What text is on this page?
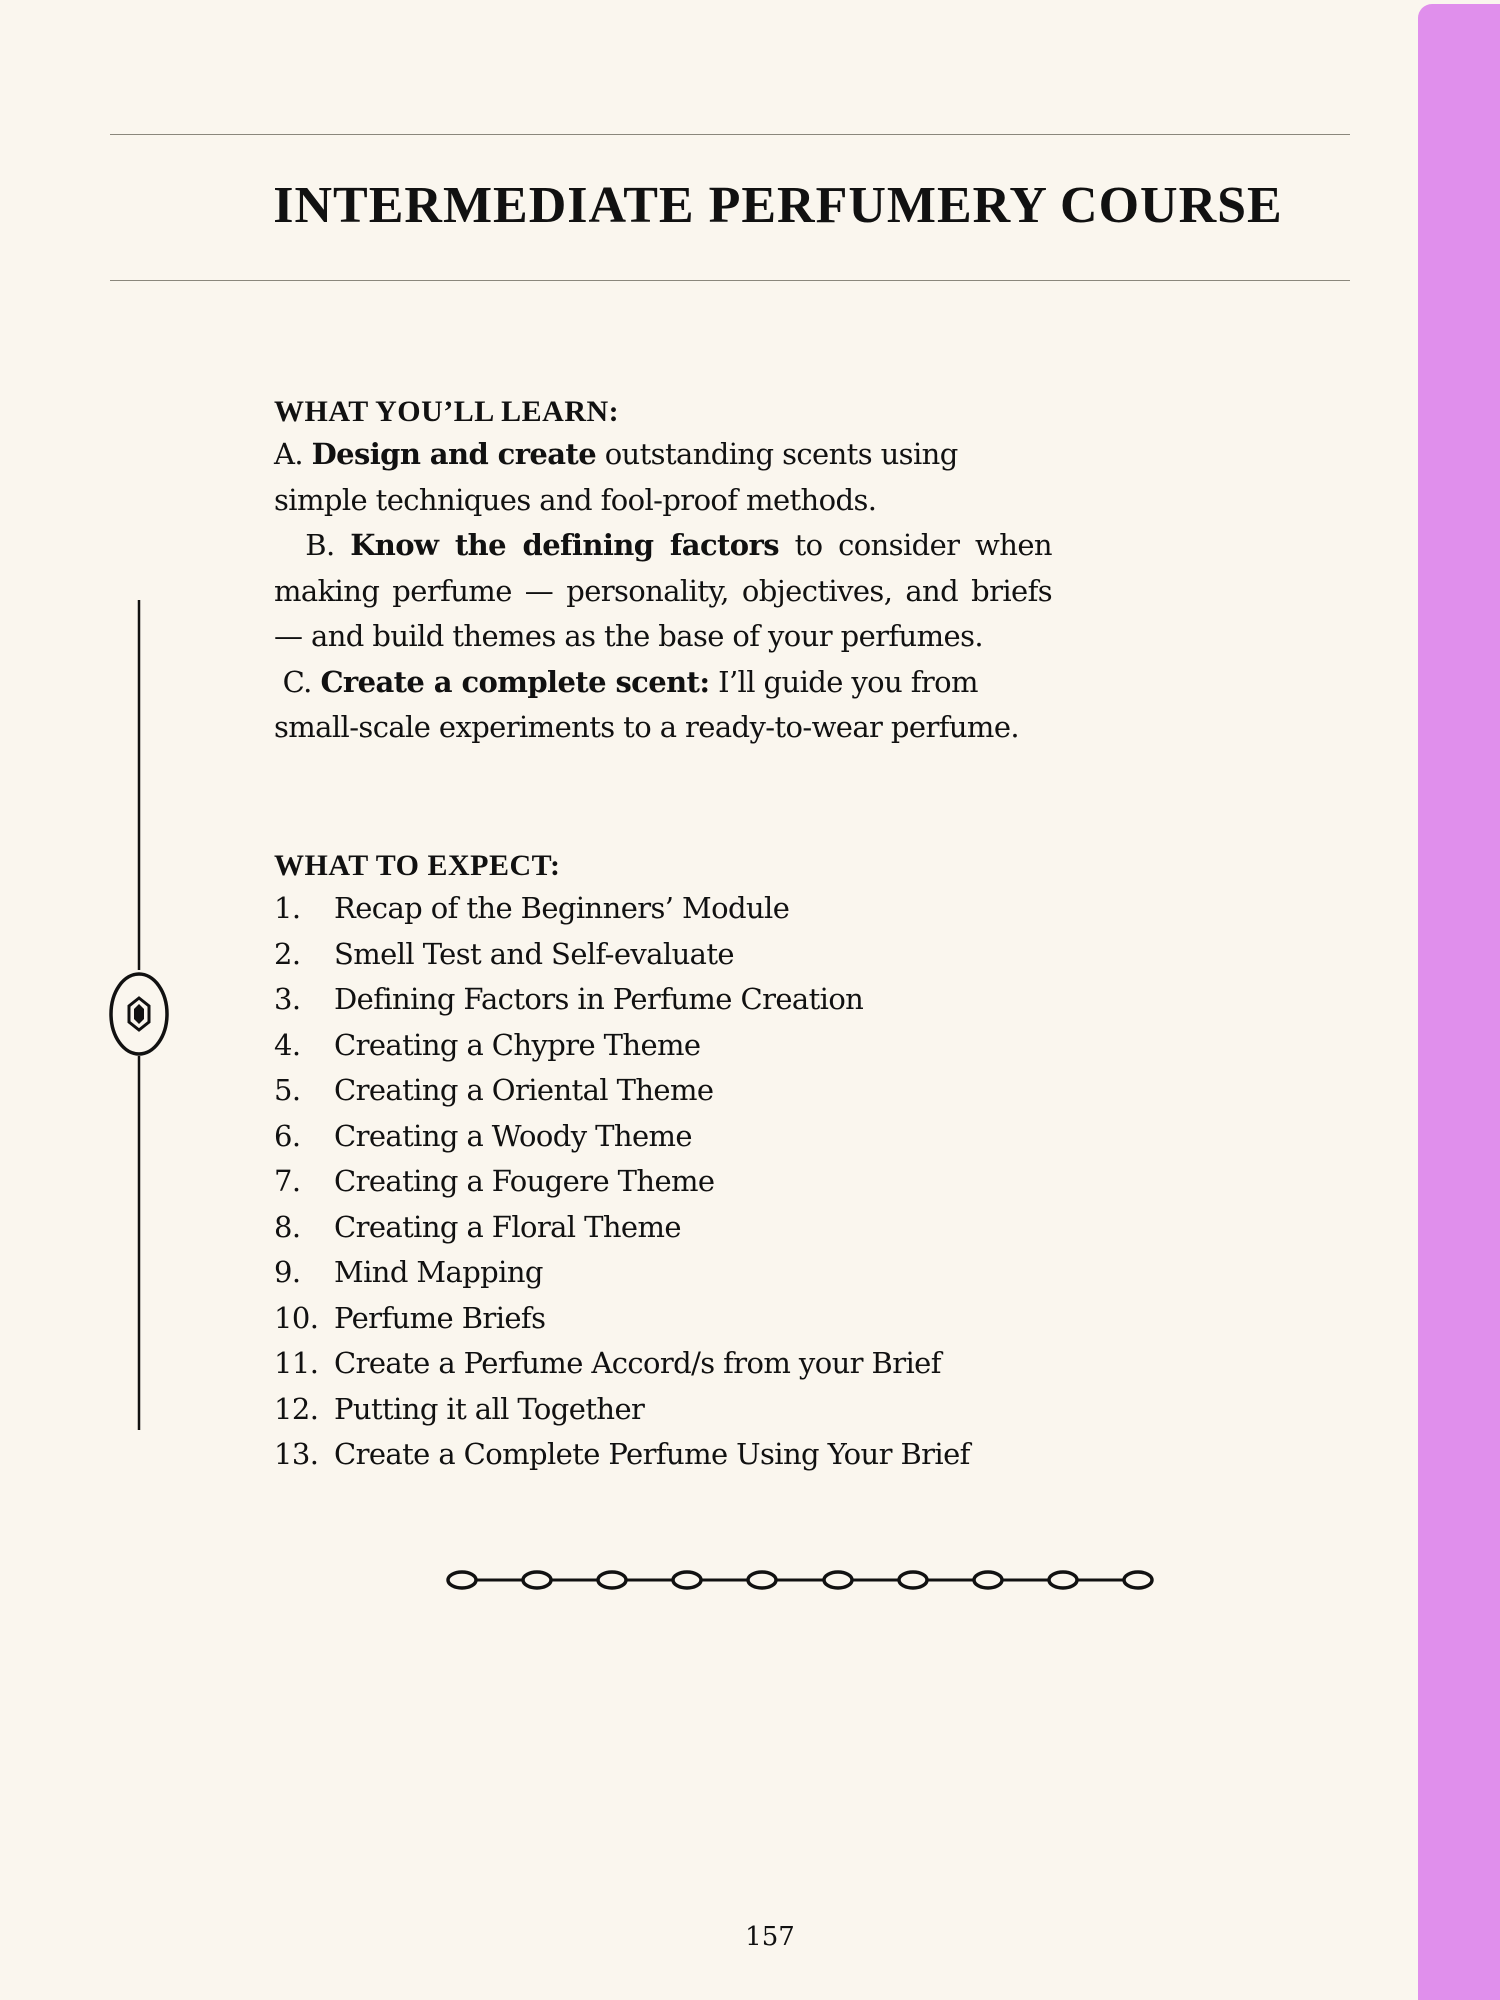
INTERMEDIATE PERFUMERY COURSE
WHAT YOU’LL LEARN:

A. Design and create outstanding scents using simple techniques and fool-proof methods.

B. Know the defining factors to consider when making perfume — personality, objectives, and briefs — and build themes as the base of your perfumes.

C. Create a complete scent: I’ll guide you from small-scale experiments to a ready-to-wear perfume.

WHAT TO EXPECT:
1.	Recap of the Beginners’ Module
2.	Smell Test and Self-evaluate
3.	Defining Factors in Perfume Creation
4.	Creating a Chypre Theme
5.	Creating a Oriental Theme
6.	Creating a Woody Theme
7.	Creating a Fougere Theme
8.	Creating a Floral Theme
9.	Mind Mapping
10. Perfume Briefs
11. Create a Perfume Accord/s from your Brief
12. Putting it all Together
13. Create a Complete Perfume Using Your Brief
157
